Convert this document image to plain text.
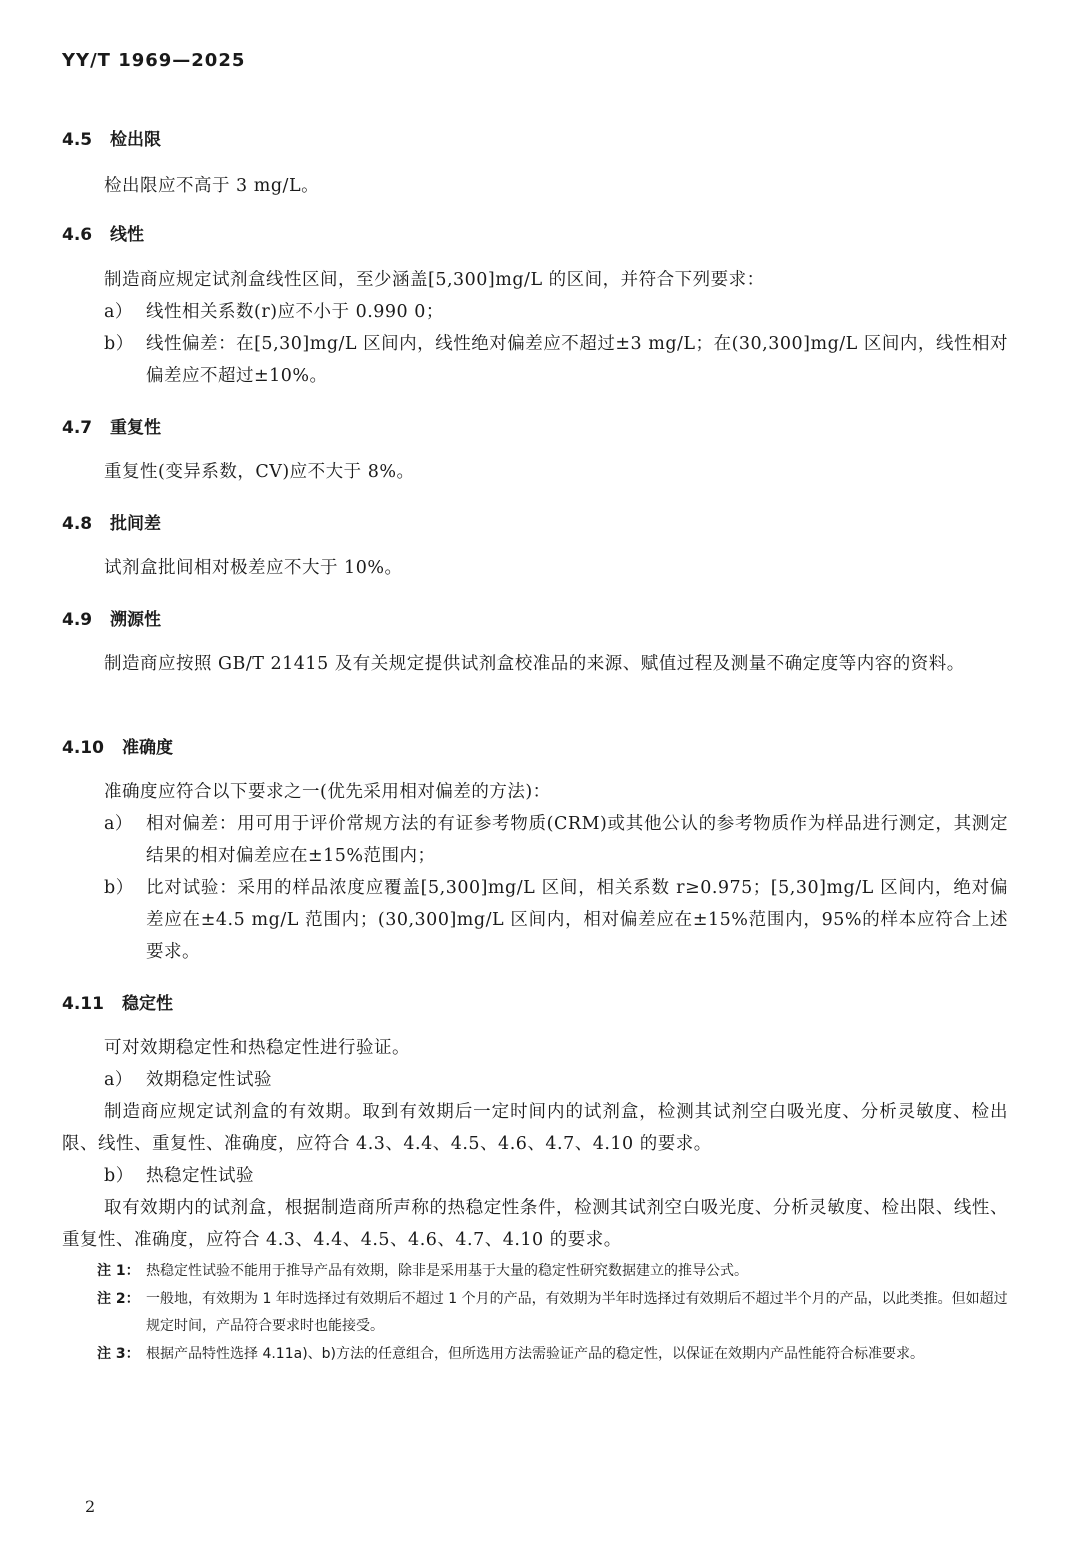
YY/T 1969—2025
4.5 检出限
检出限应不高于 3 mg/L。
4.6 线性
制造商应规定试剂盒线性区间，至少涵盖[5,300]mg/L 的区间，并符合下列要求：
a） 线性相关系数(r)应不小于 0.990 0；
b） 线性偏差：在[5,30]mg/L 区间内，线性绝对偏差应不超过±3 mg/L；在(30,300]mg/L 区间内，线性相对偏差应不超过±10%。
4.7 重复性
重复性(变异系数，CV)应不大于 8%。
4.8 批间差
试剂盒批间相对极差应不大于 10%。
4.9 溯源性
制造商应按照 GB/T 21415 及有关规定提供试剂盒校准品的来源、赋值过程及测量不确定度等内容的资料。
4.10 准确度
准确度应符合以下要求之一(优先采用相对偏差的方法)：
a） 相对偏差：用可用于评价常规方法的有证参考物质(CRM)或其他公认的参考物质作为样品进行测定，其测定结果的相对偏差应在±15%范围内；
b） 比对试验：采用的样品浓度应覆盖[5,300]mg/L 区间，相关系数 r≥0.975；[5,30]mg/L 区间内，绝对偏差应在±4.5 mg/L 范围内；(30,300]mg/L 区间内，相对偏差应在±15%范围内，95%的样本应符合上述要求。
4.11 稳定性
可对效期稳定性和热稳定性进行验证。
a） 效期稳定性试验
制造商应规定试剂盒的有效期。取到有效期后一定时间内的试剂盒，检测其试剂空白吸光度、分析灵敏度、检出限、线性、重复性、准确度，应符合 4.3、4.4、4.5、4.6、4.7、4.10 的要求。
b） 热稳定性试验
取有效期内的试剂盒，根据制造商所声称的热稳定性条件，检测其试剂空白吸光度、分析灵敏度、检出限、线性、重复性、准确度，应符合 4.3、4.4、4.5、4.6、4.7、4.10 的要求。
注 1： 热稳定性试验不能用于推导产品有效期，除非是采用基于大量的稳定性研究数据建立的推导公式。
注 2： 一般地，有效期为 1 年时选择过有效期后不超过 1 个月的产品，有效期为半年时选择过有效期后不超过半个月的产品，以此类推。但如超过规定时间，产品符合要求时也能接受。
注 3： 根据产品特性选择 4.11a)、b)方法的任意组合，但所选用方法需验证产品的稳定性，以保证在效期内产品性能符合标准要求。
2
